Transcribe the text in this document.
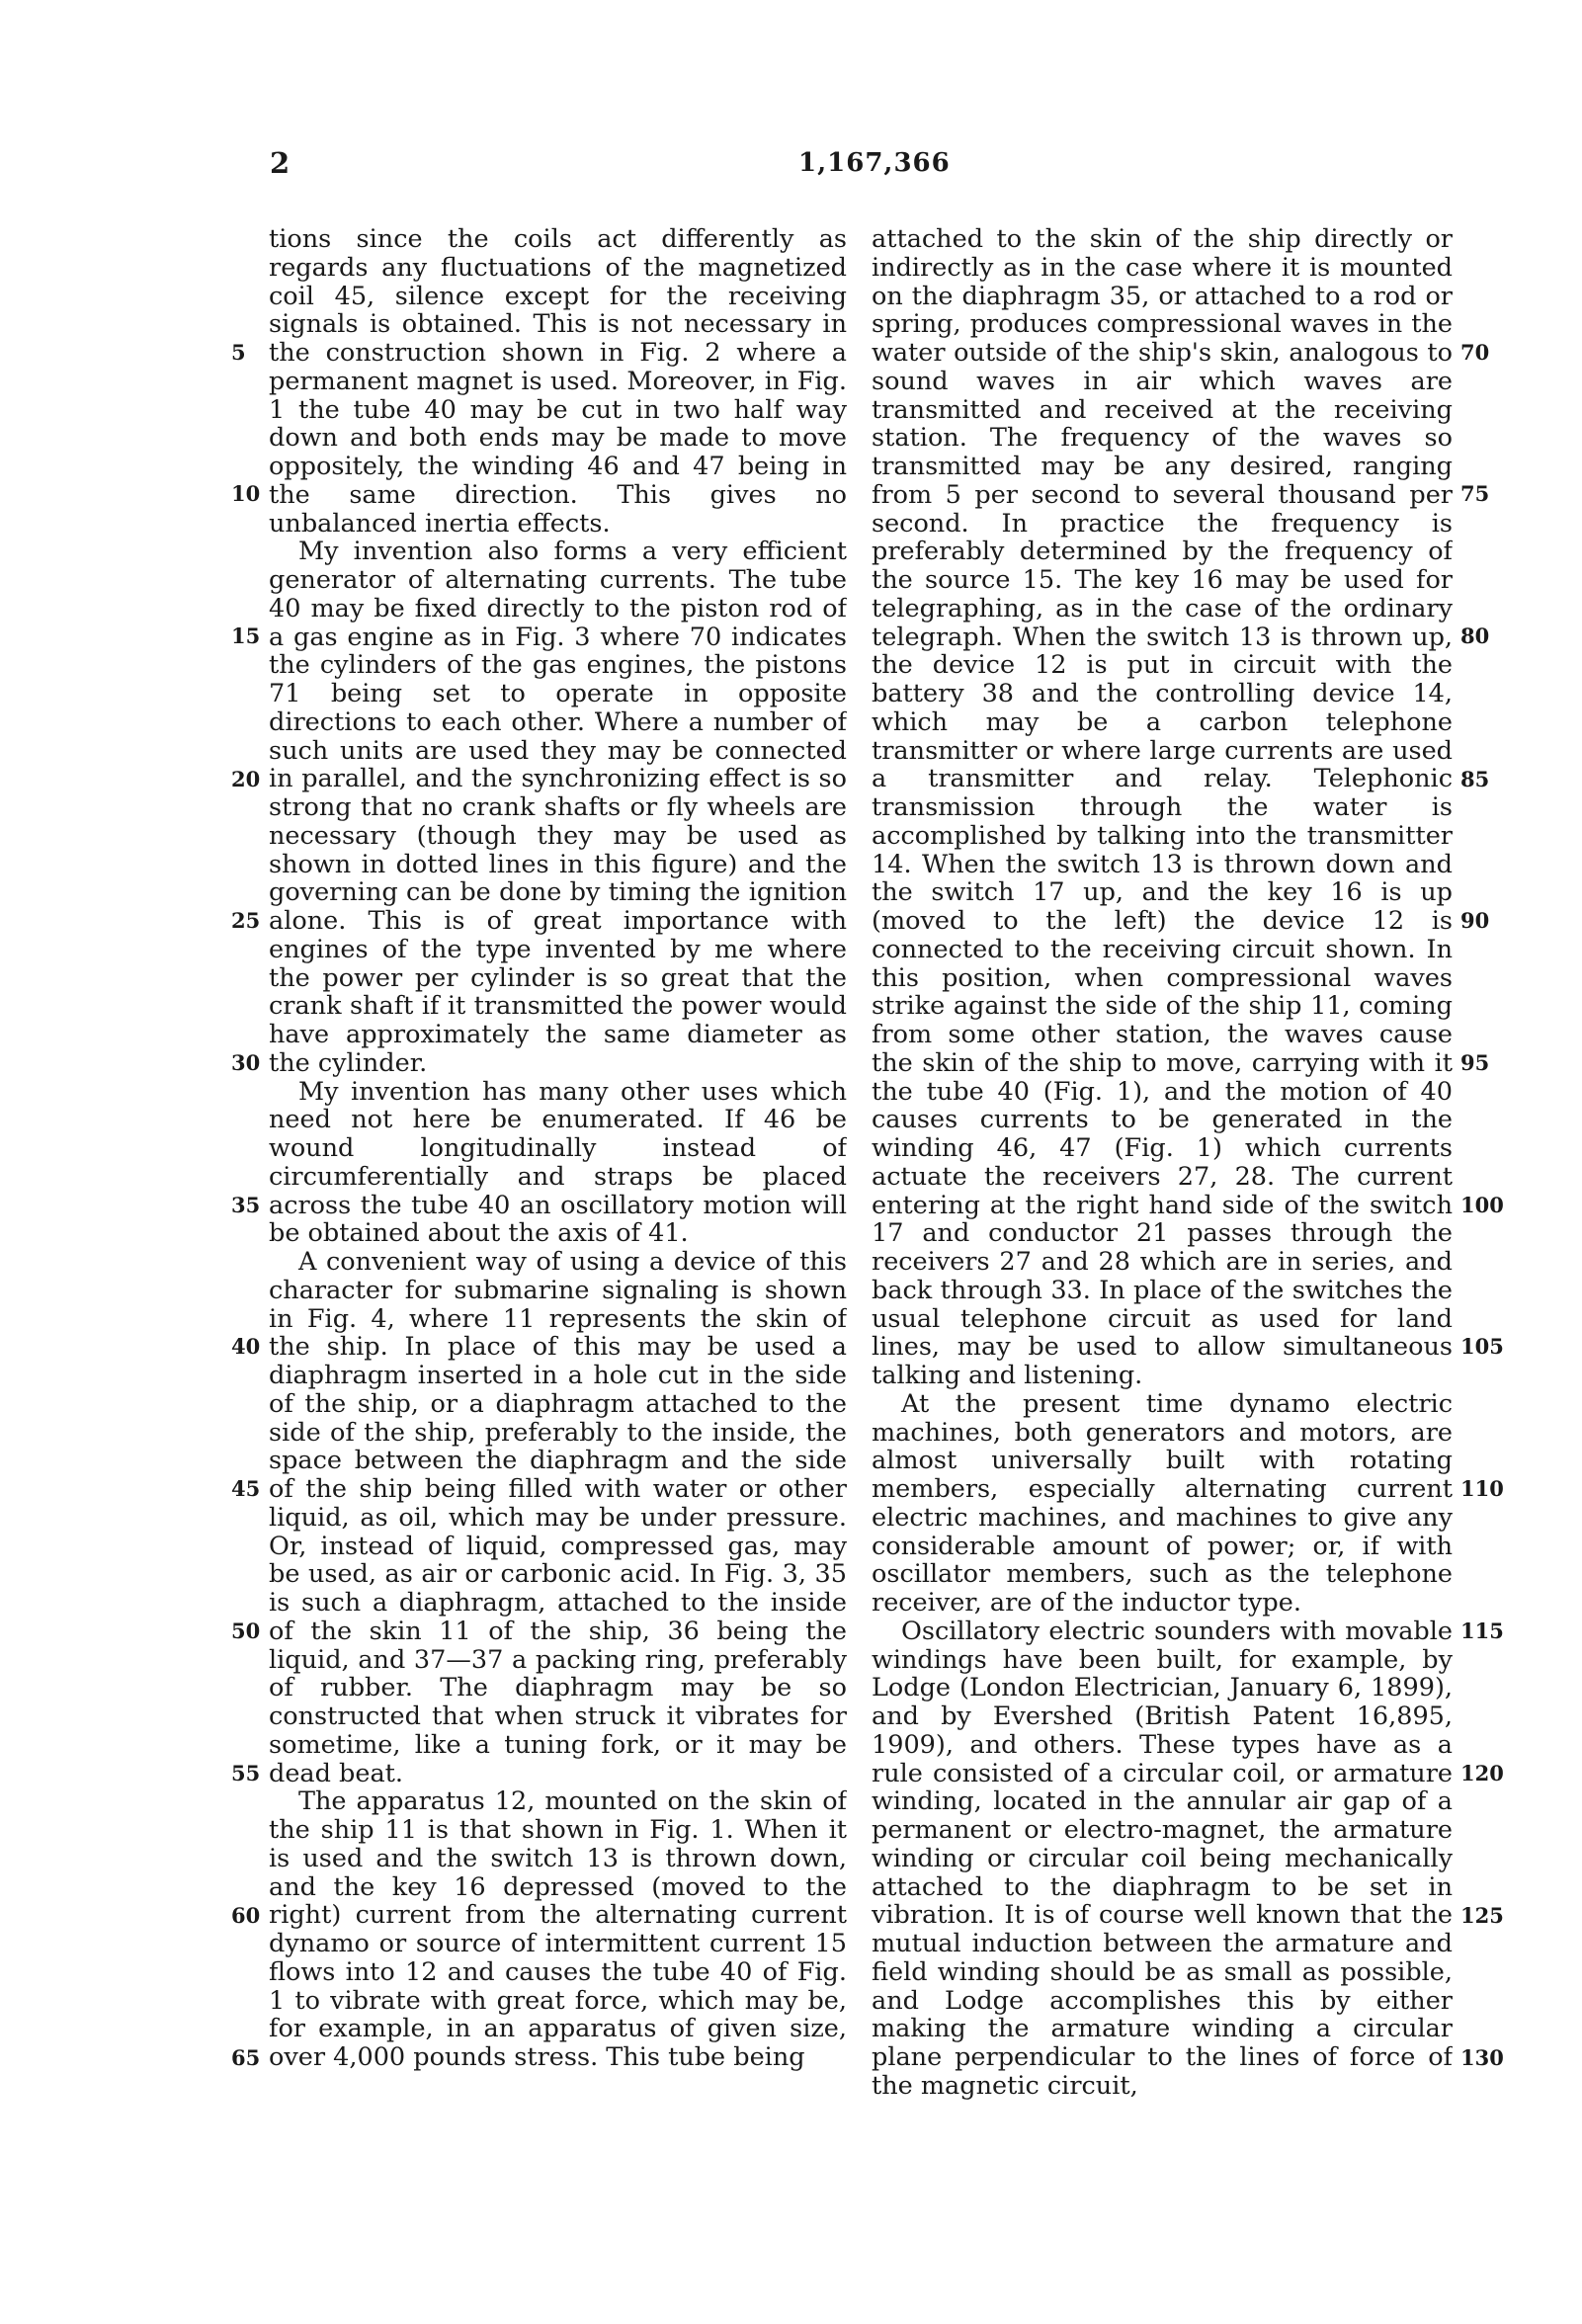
2	1,167,366

tions since the coils act differently as regards any fluctuations of the magnetized coil 45, silence except for the receiving signals is obtained. This is not necessary in the construction shown in Fig. 2 where a permanent magnet is used. Moreover, in Fig. 1 the tube 40 may be cut in two half way down and both ends may be made to move oppositely, the winding 46 and 47 being in the same direction. This gives no unbalanced inertia effects.

My invention also forms a very efficient generator of alternating currents. The tube 40 may be fixed directly to the piston rod of a gas engine as in Fig. 3 where 70 indicates the cylinders of the gas engines, the pistons 71 being set to operate in opposite directions to each other. Where a number of such units are used they may be connected in parallel, and the synchronizing effect is so strong that no crank shafts or fly wheels are necessary (though they may be used as shown in dotted lines in this figure) and the governing can be done by timing the ignition alone. This is of great importance with engines of the type invented by me where the power per cylinder is so great that the crank shaft if it transmitted the power would have approximately the same diameter as the cylinder.

My invention has many other uses which need not here be enumerated. If 46 be wound longitudinally instead of circumferentially and straps be placed across the tube 40 an oscillatory motion will be obtained about the axis of 41.

A convenient way of using a device of this character for submarine signaling is shown in Fig. 4, where 11 represents the skin of the ship. In place of this may be used a diaphragm inserted in a hole cut in the side of the ship, or a diaphragm attached to the side of the ship, preferably to the inside, the space between the diaphragm and the side of the ship being filled with water or other liquid, as oil, which may be under pressure. Or, instead of liquid, compressed gas, may be used, as air or carbonic acid. In Fig. 3, 35 is such a diaphragm, attached to the inside of the skin 11 of the ship, 36 being the liquid, and 37—37 a packing ring, preferably of rubber. The diaphragm may be so constructed that when struck it vibrates for sometime, like a tuning fork, or it may be dead beat.

The apparatus 12, mounted on the skin of the ship 11 is that shown in Fig. 1. When it is used and the switch 13 is thrown down, and the key 16 depressed (moved to the right) current from the alternating current dynamo or source of intermittent current 15 flows into 12 and causes the tube 40 of Fig. 1 to vibrate with great force, which may be, for example, in an apparatus of given size, over 4,000 pounds stress. This tube being

attached to the skin of the ship directly or indirectly as in the case where it is mounted on the diaphragm 35, or attached to a rod or spring, produces compressional waves in the water outside of the ship's skin, analogous to sound waves in air which waves are transmitted and received at the receiving station. The frequency of the waves so transmitted may be any desired, ranging from 5 per second to several thousand per second. In practice the frequency is preferably determined by the frequency of the source 15. The key 16 may be used for telegraphing, as in the case of the ordinary telegraph. When the switch 13 is thrown up, the device 12 is put in circuit with the battery 38 and the controlling device 14, which may be a carbon telephone transmitter or where large currents are used a transmitter and relay. Telephonic transmission through the water is accomplished by talking into the transmitter 14. When the switch 13 is thrown down and the switch 17 up, and the key 16 is up (moved to the left) the device 12 is connected to the receiving circuit shown. In this position, when compressional waves strike against the side of the ship 11, coming from some other station, the waves cause the skin of the ship to move, carrying with it the tube 40 (Fig. 1), and the motion of 40 causes currents to be generated in the winding 46, 47 (Fig. 1) which currents actuate the receivers 27, 28. The current entering at the right hand side of the switch 17 and conductor 21 passes through the receivers 27 and 28 which are in series, and back through 33. In place of the switches the usual telephone circuit as used for land lines, may be used to allow simultaneous talking and listening.

At the present time dynamo electric machines, both generators and motors, are almost universally built with rotating members, especially alternating current electric machines, and machines to give any considerable amount of power; or, if with oscillator members, such as the telephone receiver, are of the inductor type.

Oscillatory electric sounders with movable windings have been built, for example, by Lodge (London Electrician, January 6, 1899), and by Evershed (British Patent 16,895, 1909), and others. These types have as a rule consisted of a circular coil, or armature winding, located in the annular air gap of a permanent or electro-magnet, the armature winding or circular coil being mechanically attached to the diaphragm to be set in vibration. It is of course well known that the mutual induction between the armature and field winding should be as small as possible, and Lodge accomplishes this by either making the armature winding a circular plane perpendicular to the lines of force of the magnetic circuit,

5
10
15
20
25
30
35
40
45
50
55
60
65
70
75
80
85
90
95
100
105
110
115
120
125
130
